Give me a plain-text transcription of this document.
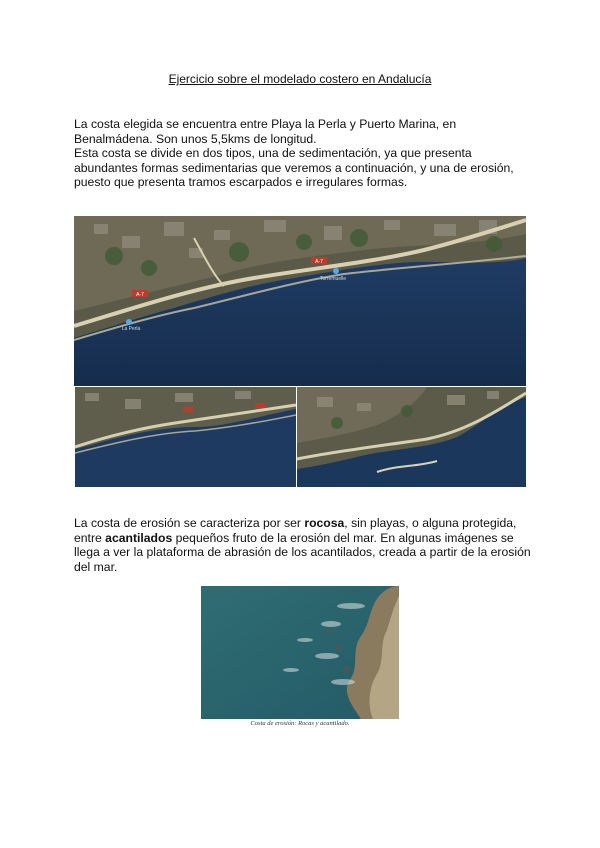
Ejercicio sobre el modelado costero en Andalucía
La costa elegida se encuentra entre Playa la Perla y Puerto Marina, en
Benalmádena. Son unos 5,5kms de longitud.
Esta costa se divide en dos tipos, una de sedimentación, ya que presenta
abundantes formas sedimentarias que veremos a continuación, y una de erosión,
puesto que presenta tramos escarpados e irregulares formas.
A-7
A-7
La Perla
Torremuelle
La costa de erosión se caracteriza por ser rocosa, sin playas, o alguna protegida,
entre acantilados pequeños fruto de la erosión del mar. En algunas imágenes se
llega a ver la plataforma de abrasión de los acantilados, creada a partir de la erosión
del mar.
Costa de erosión: Rocas y acantilado.
